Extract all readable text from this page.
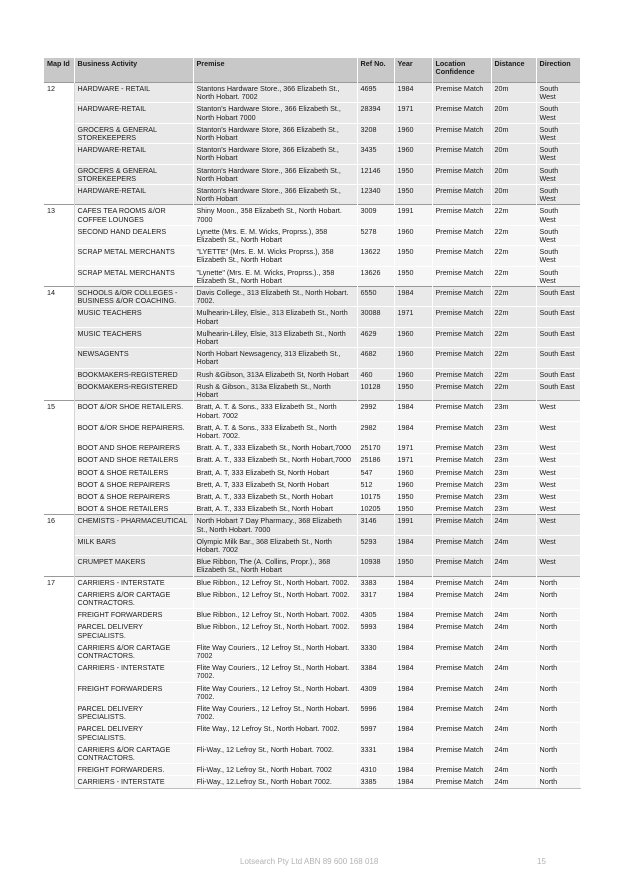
Map Id	Business Activity	Premise	Ref No.	Year	Location Confidence	Distance	Direction
12	HARDWARE - RETAIL	Stantons Hardware Store., 366 Elizabeth St., North Hobart. 7002	4695	1984	Premise Match	20m	South West
	HARDWARE-RETAIL	Stanton's Hardware Store., 366 Elizabeth St., North Hobart 7000	28394	1971	Premise Match	20m	South West
	GROCERS & GENERAL STOREKEEPERS	Stanton's Hardware Store, 366 Elizabeth St., North Hobart	3208	1960	Premise Match	20m	South West
	HARDWARE-RETAIL	Stanton's Hardware Store, 366 Elizabeth St., North Hobart	3435	1960	Premise Match	20m	South West
	GROCERS & GENERAL STOREKEEPERS	Stanton's Hardware Store., 366 Elizabeth St., North Hobart	12146	1950	Premise Match	20m	South West
	HARDWARE-RETAIL	Stanton's Hardware Store., 366 Elizabeth St., North Hobart	12340	1950	Premise Match	20m	South West
13	CAFES TEA ROOMS &/OR COFFEE LOUNGES	Shiny Moon., 358 Elizabeth St., North Hobart. 7000	3009	1991	Premise Match	22m	South West
	SECOND HAND DEALERS	Lynette (Mrs. E. M. Wicks, Proprss.), 358 Elizabeth St., North Hobart	5278	1960	Premise Match	22m	South West
	SCRAP METAL MERCHANTS	"LYETTE" (Mrs. E. M. Wicks Proprss.), 358 Elizabeth St., North Hobart	13622	1950	Premise Match	22m	South West
	SCRAP METAL MERCHANTS	"Lynette" (Mrs. E. M. Wicks, Proprss.)., 358 Elizabeth St., North Hobart	13626	1950	Premise Match	22m	South West
14	SCHOOLS &/OR COLLEGES - BUSINESS &/OR COACHING.	Davis College., 313 Elizabeth St., North Hobart. 7002.	6550	1984	Premise Match	22m	South East
	MUSIC TEACHERS	Mulhearin-Lilley, Elsie., 313 Elizabeth St., North Hobart	30088	1971	Premise Match	22m	South East
	MUSIC TEACHERS	Mulhearin-Lilley, Elsie, 313 Elizabeth St., North Hobart	4629	1960	Premise Match	22m	South East
	NEWSAGENTS	North Hobart Newsagency, 313 Elizabeth St., Hobart	4682	1960	Premise Match	22m	South East
	BOOKMAKERS-REGISTERED	Rush &Gibson, 313A Elizabeth St, North Hobart	460	1960	Premise Match	22m	South East
	BOOKMAKERS-REGISTERED	Rush & Gibson., 313a Elizabeth St., North Hobart	10128	1950	Premise Match	22m	South East
15	BOOT &/OR SHOE RETAILERS.	Bratt, A. T. & Sons., 333 Elizabeth St., North Hobart. 7002	2992	1984	Premise Match	23m	West
	BOOT &/OR SHOE REPAIRERS.	Bratt, A. T. & Sons., 333 Elizabeth St., North Hobart. 7002.	2982	1984	Premise Match	23m	West
	BOOT AND SHOE REPAIRERS	Bratt. A. T., 333 Elizabeth St., North Hobart,7000	25170	1971	Premise Match	23m	West
	BOOT AND SHOE RETAILERS	Bratt. A. T., 333 Elizabeth St., North Hobart,7000	25186	1971	Premise Match	23m	West
	BOOT & SHOE RETAILERS	Bratt, A. T, 333 Elizabeth St, North Hobart	547	1960	Premise Match	23m	West
	BOOT & SHOE REPAIRERS	Brett, A. T, 333 Elizabeth St, North Hobart	512	1960	Premise Match	23m	West
	BOOT & SHOE REPAIRERS	Bratt, A. T., 333 Elizabeth St., North Hobart	10175	1950	Premise Match	23m	West
	BOOT & SHOE RETAILERS	Bratt, A. T., 333 Elizabeth St., North Hobart	10205	1950	Premise Match	23m	West
16	CHEMISTS - PHARMACEUTICAL	North Hobart 7 Day Pharmacy., 368 Elizabeth St., North Hobart. 7000	3146	1991	Premise Match	24m	West
	MILK BARS	Olympic Milk Bar., 368 Elizabeth St., North Hobart. 7002	5293	1984	Premise Match	24m	West
	CRUMPET MAKERS	Blue Ribbon, The (A. Collins, Propr.)., 368 Elizabeth St., North Hobart	10938	1950	Premise Match	24m	West
17	CARRIERS - INTERSTATE	Blue Ribbon., 12 Lefroy St., North Hobart. 7002.	3383	1984	Premise Match	24m	North
	CARRIERS &/OR CARTAGE CONTRACTORS.	Blue Ribbon., 12 Lefroy St., North Hobart. 7002.	3317	1984	Premise Match	24m	North
	FREIGHT FORWARDERS	Blue Ribbon., 12 Lefroy St., North Hobart. 7002.	4305	1984	Premise Match	24m	North
	PARCEL DELIVERY SPECIALISTS.	Blue Ribbon., 12 Lefroy St., North Hobart. 7002.	5993	1984	Premise Match	24m	North
	CARRIERS &/OR CARTAGE CONTRACTORS.	Flite Way Couriers., 12 Lefroy St., North Hobart. 7002	3330	1984	Premise Match	24m	North
	CARRIERS - INTERSTATE	Flite Way Couriers., 12 Lefroy St., North Hobart. 7002.	3384	1984	Premise Match	24m	North
	FREIGHT FORWARDERS	Flite Way Couriers., 12 Lefroy St., North Hobart. 7002.	4309	1984	Premise Match	24m	North
	PARCEL DELIVERY SPECIALISTS.	Flite Way Couriers., 12 Lefroy St., North Hobart. 7002.	5996	1984	Premise Match	24m	North
	PARCEL DELIVERY SPECIALISTS.	Flite Way., 12 Lefroy St., North Hobart. 7002.	5997	1984	Premise Match	24m	North
	CARRIERS &/OR CARTAGE CONTRACTORS.	Fli-Way., 12 Lefroy St., North Hobart. 7002.	3331	1984	Premise Match	24m	North
	FREIGHT FORWARDERS.	Fli-Way., 12 Lefroy St., North Hobart. 7002	4310	1984	Premise Match	24m	North
	CARRIERS - INTERSTATE	Fli-Way., 12.Lefroy St., North Hobart 7002.	3385	1984	Premise Match	24m	North
Lotsearch Pty Ltd ABN 89 600 168 018	15
